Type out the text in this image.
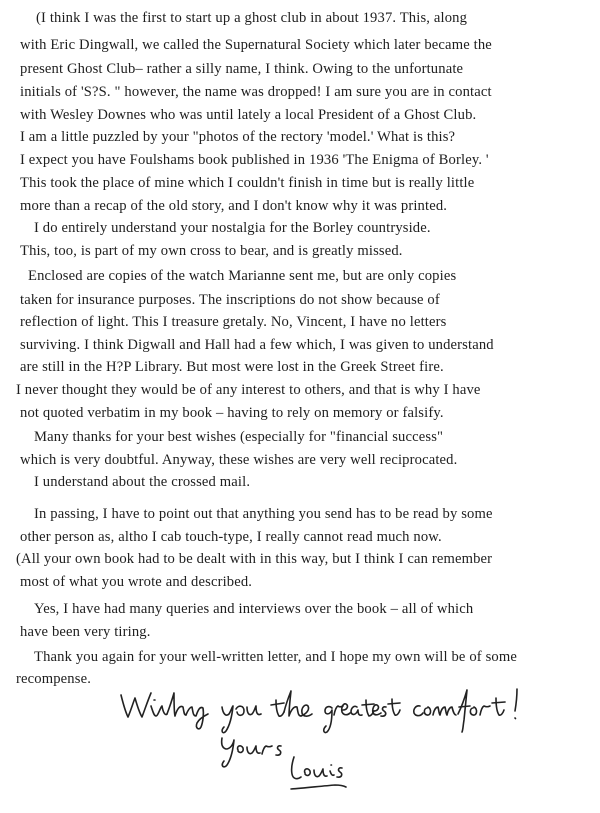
(I think I was the first to start up a ghost club in about 1937. This, along

with Eric Dingwall, we called the Supernatural Society which later became the

present Ghost Club– rather a silly name, I think. Owing to the unfortunate

initials of 'S?S. " however, the name was dropped! I am sure you are in contact

with Wesley Downes who was until lately a local President of a Ghost Club.

I am a little puzzled by your "photos of the rectory 'model.' What is this?

I expect you have Foulshams book published in 1936 'The Enigma of Borley. '

This took the place of mine which I couldn't finish in time but is really little

more than a recap of the old story, and I don't know why it was printed.

I do entirely understand your nostalgia for the Borley countryside.

This, too, is part of my own cross to bear, and is greatly missed.

Enclosed are copies of the watch Marianne sent me, but are only copies

taken for insurance purposes. The inscriptions do not show because of

reflection of light. This I treasure gretaly. No, Vincent, I have no letters

surviving. I think Digwall and Hall had a few which, I was given to understand

are still in the H?P Library. But most were lost in the Greek Street fire.

I never thought they would be of any interest to others, and that is why I have

not quoted verbatim in my book – having to rely on memory or falsify.

Many thanks for your best wishes (especially for "financial success"

which is very doubtful. Anyway, these wishes are very well reciprocated.

I understand about the crossed mail.

In passing, I have to point out that anything you send has to be read by some

other person as, altho I cab touch-type, I really cannot read much now.

(All your own book had to be dealt with in this way, but I think I can remember

most of what you wrote and described.

Yes, I have had many queries and interviews over the book – all of which

have been very tiring.

Thank you again for your well-written letter, and I hope my own will be of some

recompense.
